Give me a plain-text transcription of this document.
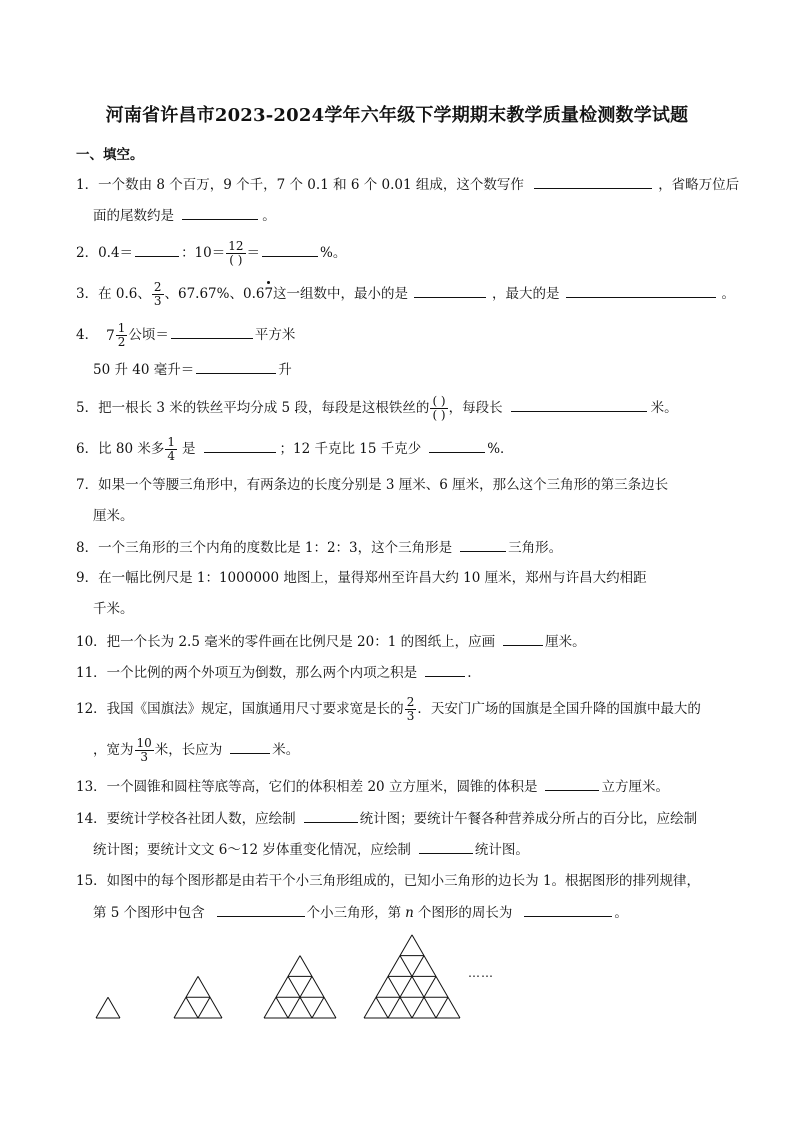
河南省许昌市2023-2024学年六年级下学期期末教学质量检测数学试题
一、填空。
1．一个数由 8 个百万，9 个千，7 个 0.1 和 6 个 0.01 组成，这个数写作	，省略万位后
面的尾数约是	。
2．0.4＝	：$10= \frac{12}{( )}$ ＝	%。
3．在 0.6、 $\frac{2}{3}$ 、67.67%、0.67这一组数中，最小的是	，最大的是	。
4． $7 \frac{1}{2}$ 公顷＝	平方米
50 升 40 毫升＝	升
5．把一根长 3 米的铁丝平均分成 5 段，每段是这根铁丝的 $\frac{( )}{( )}$ ，每段长	米。
6．比 80 米多 $\frac{1}{4}$ 是	；12 千克比 15 千克少	%．
7．如果一个等腰三角形中，有两条边的长度分别是 3 厘米、6 厘米，那么这个三角形的第三条边长
厘米。
8．一个三角形的三个内角的度数比是 1：2：3，这个三角形是	三角形。
9．在一幅比例尺是 1：1000000 地图上，量得郑州至许昌大约 10 厘米，郑州与许昌大约相距
千米。
10．把一个长为 2.5 毫米的零件画在比例尺是 20：1 的图纸上，应画	厘米。
11．一个比例的两个外项互为倒数，那么两个内项之积是	.
12．我国《国旗法》规定，国旗通用尺寸要求宽是长的 $\frac{2}{3}$ ．天安门广场的国旗是全国升降的国旗中最大的
，宽为 $\frac{10}{3}$ 米，长应为	米。
13．一个圆锥和圆柱等底等高，它们的体积相差 20 立方厘米，圆锥的体积是	立方厘米。
14．要统计学校各社团人数，应绘制	统计图；要统计午餐各种营养成分所占的百分比，应绘制
统计图；要统计文文 6～12 岁体重变化情况，应绘制	统计图。
15．如图中的每个图形都是由若干个小三角形组成的，已知小三角形的边长为 1。根据图形的排列规律，
第 5 个图形中包含	个小三角形，第 n 个图形的周长为	。
……
